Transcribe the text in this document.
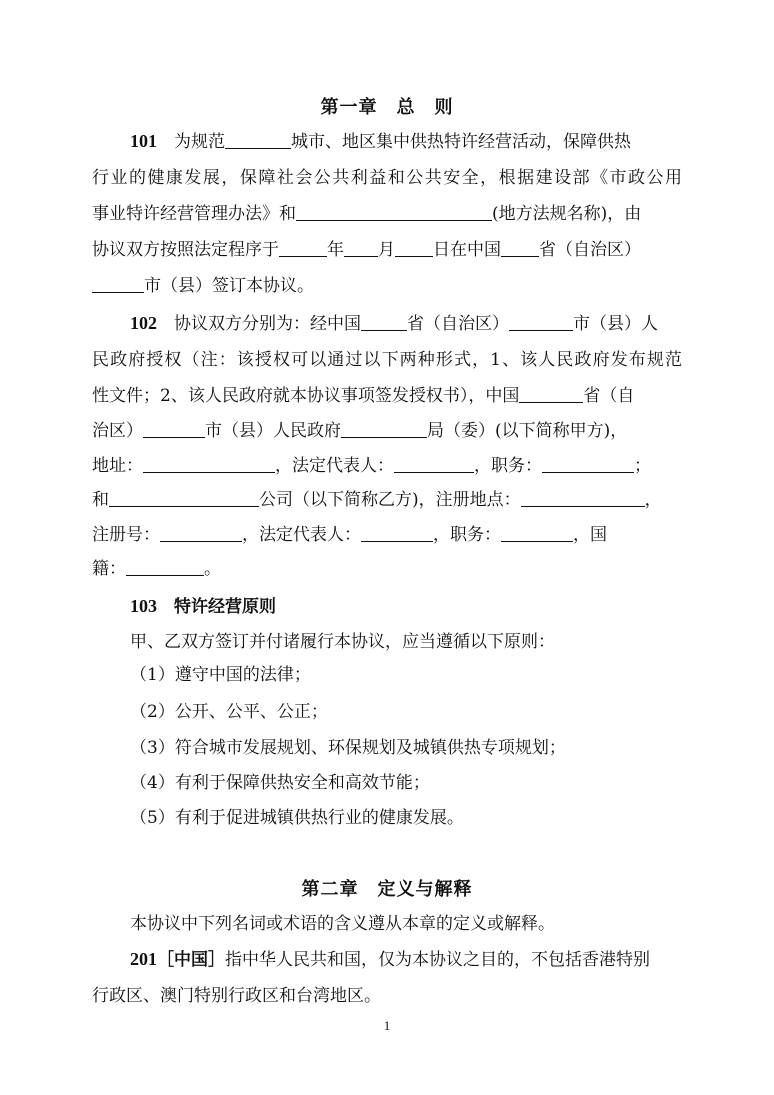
第一章　总　则
101　为规范	城市、地区集中供热特许经营活动，保障供热
行业的健康发展，保障社会公共利益和公共安全，根据建设部《市政公用
事业特许经营管理办法》和	(地方法规名称)，由
协议双方按照法定程序于	年 月 日在中国 省（自治区）
市（县）签订本协议。
102　协议双方分别为：经中国	省（自治区）	市（县）人
民政府授权（注：该授权可以通过以下两种形式，1、该人民政府发布规范
性文件；2、该人民政府就本协议事项签发授权书），中国	省（自
治区）	市（县）人民政府	局（委）(以下简称甲方)，
地址：	，法定代表人：	，职务：	；
和	公司（以下简称乙方)，注册地点：	，
注册号：	，法定代表人：	，职务：	，国
籍：	。
103　特许经营原则
甲、乙双方签订并付诸履行本协议，应当遵循以下原则：
（1）遵守中国的法律；
（2）公开、公平、公正；
（3）符合城市发展规划、环保规划及城镇供热专项规划；
（4）有利于保障供热安全和高效节能；
（5）有利于促进城镇供热行业的健康发展。
第二章　定义与解释
本协议中下列名词或术语的含义遵从本章的定义或解释。
201［中国］指中华人民共和国，仅为本协议之目的，不包括香港特别
行政区、澳门特别行政区和台湾地区。
1
